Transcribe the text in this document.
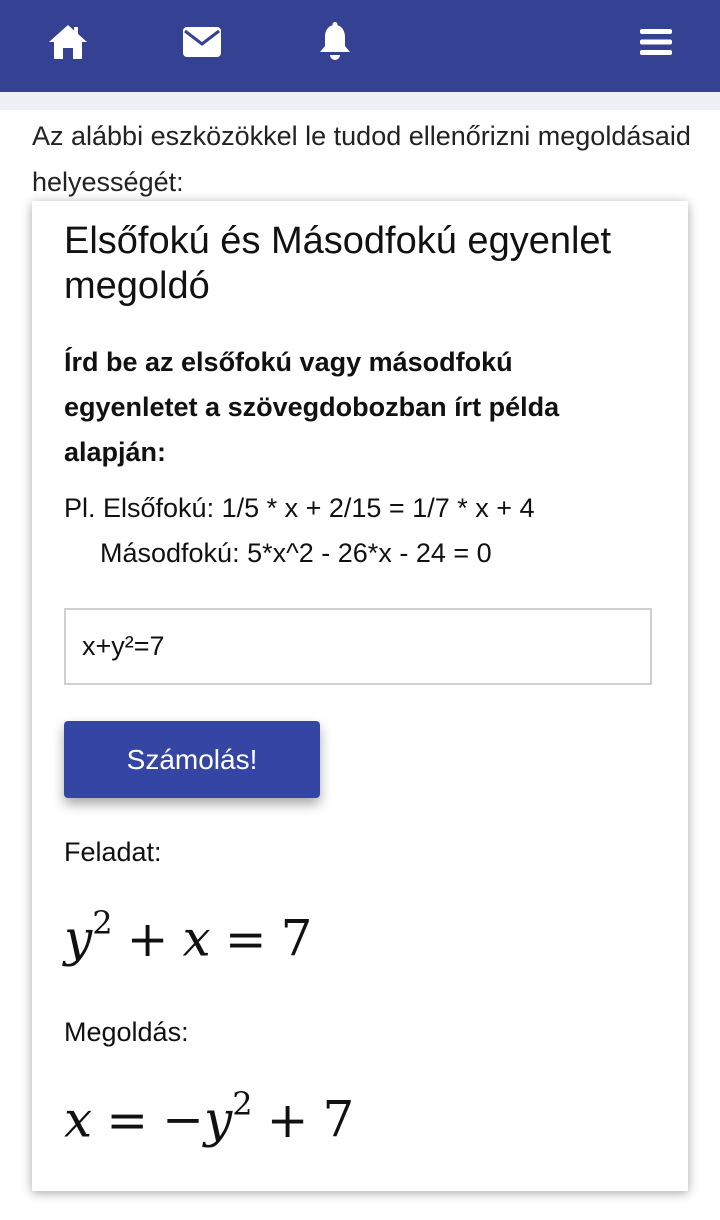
Az alábbi eszközökkel le tudod ellenőrizni megoldásaid helyességét:
Elsőfokú és Másodfokú egyenlet megoldó
Írd be az elsőfokú vagy másodfokú egyenletet a szövegdobozban írt példa alapján:
Pl. Elsőfokú: 1/5 * x + 2/15 = 1/7 * x + 4
Másodfokú: 5*x^2 - 26*x - 24 = 0
x+y²=7
Számolás!
Feladat:
$y^2 + x = 7$
Megoldás:
$x = -y^2 + 7$
